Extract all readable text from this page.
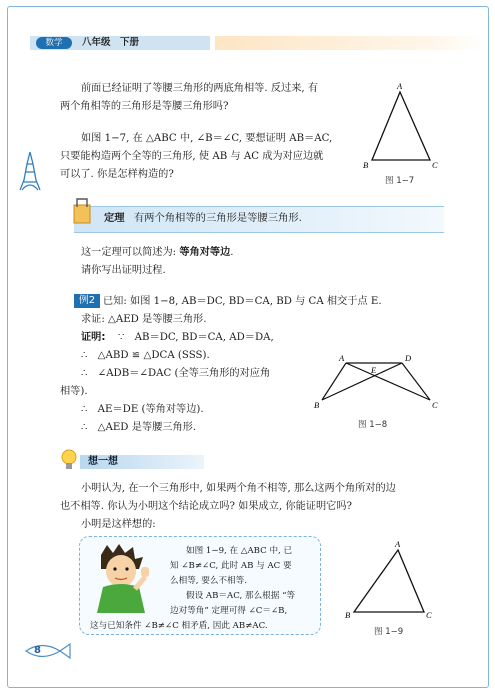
数学	八年级　下册
前面已经证明了等腰三角形的两底角相等. 反过来, 有
两个角相等的三角形是等腰三角形吗?
如图 1−7, 在 △ABC 中, ∠B＝∠C, 要想证明 AB＝AC,
只要能构造两个全等的三角形, 使 AB 与 AC 成为对应边就
可以了. 你是怎样构造的?
A
B	C
图 1−7
定理 有两个角相等的三角形是等腰三角形.
这一定理可以简述为: 等角对等边.
请你写出证明过程.
例2 已知: 如图 1−8, AB＝DC, BD＝CA, BD 与 CA 相交于点 E.
求证: △AED 是等腰三角形.
证明: ∵　AB＝DC, BD＝CA, AD＝DA,
∴　△ABD ≌ △DCA (SSS).
∴　∠ADB＝∠DAC (全等三角形的对应角
相等).
∴　AE＝DE (等角对等边).
∴　△AED 是等腰三角形.
A	D
E
B	C
图 1−8
想一想
小明认为, 在一个三角形中, 如果两个角不相等, 那么这两个角所对的边
也不相等. 你认为小明这个结论成立吗? 如果成立, 你能证明它吗?
小明是这样想的:
如图 1−9, 在 △ABC 中, 已
知 ∠B≠∠C, 此时 AB 与 AC 要
么相等, 要么不相等.
假设 AB＝AC, 那么根据 “等
边对等角” 定理可得 ∠C＝∠B,
这与已知条件 ∠B≠∠C 相矛盾, 因此 AB≠AC.
A
B	C
图 1−9
8
